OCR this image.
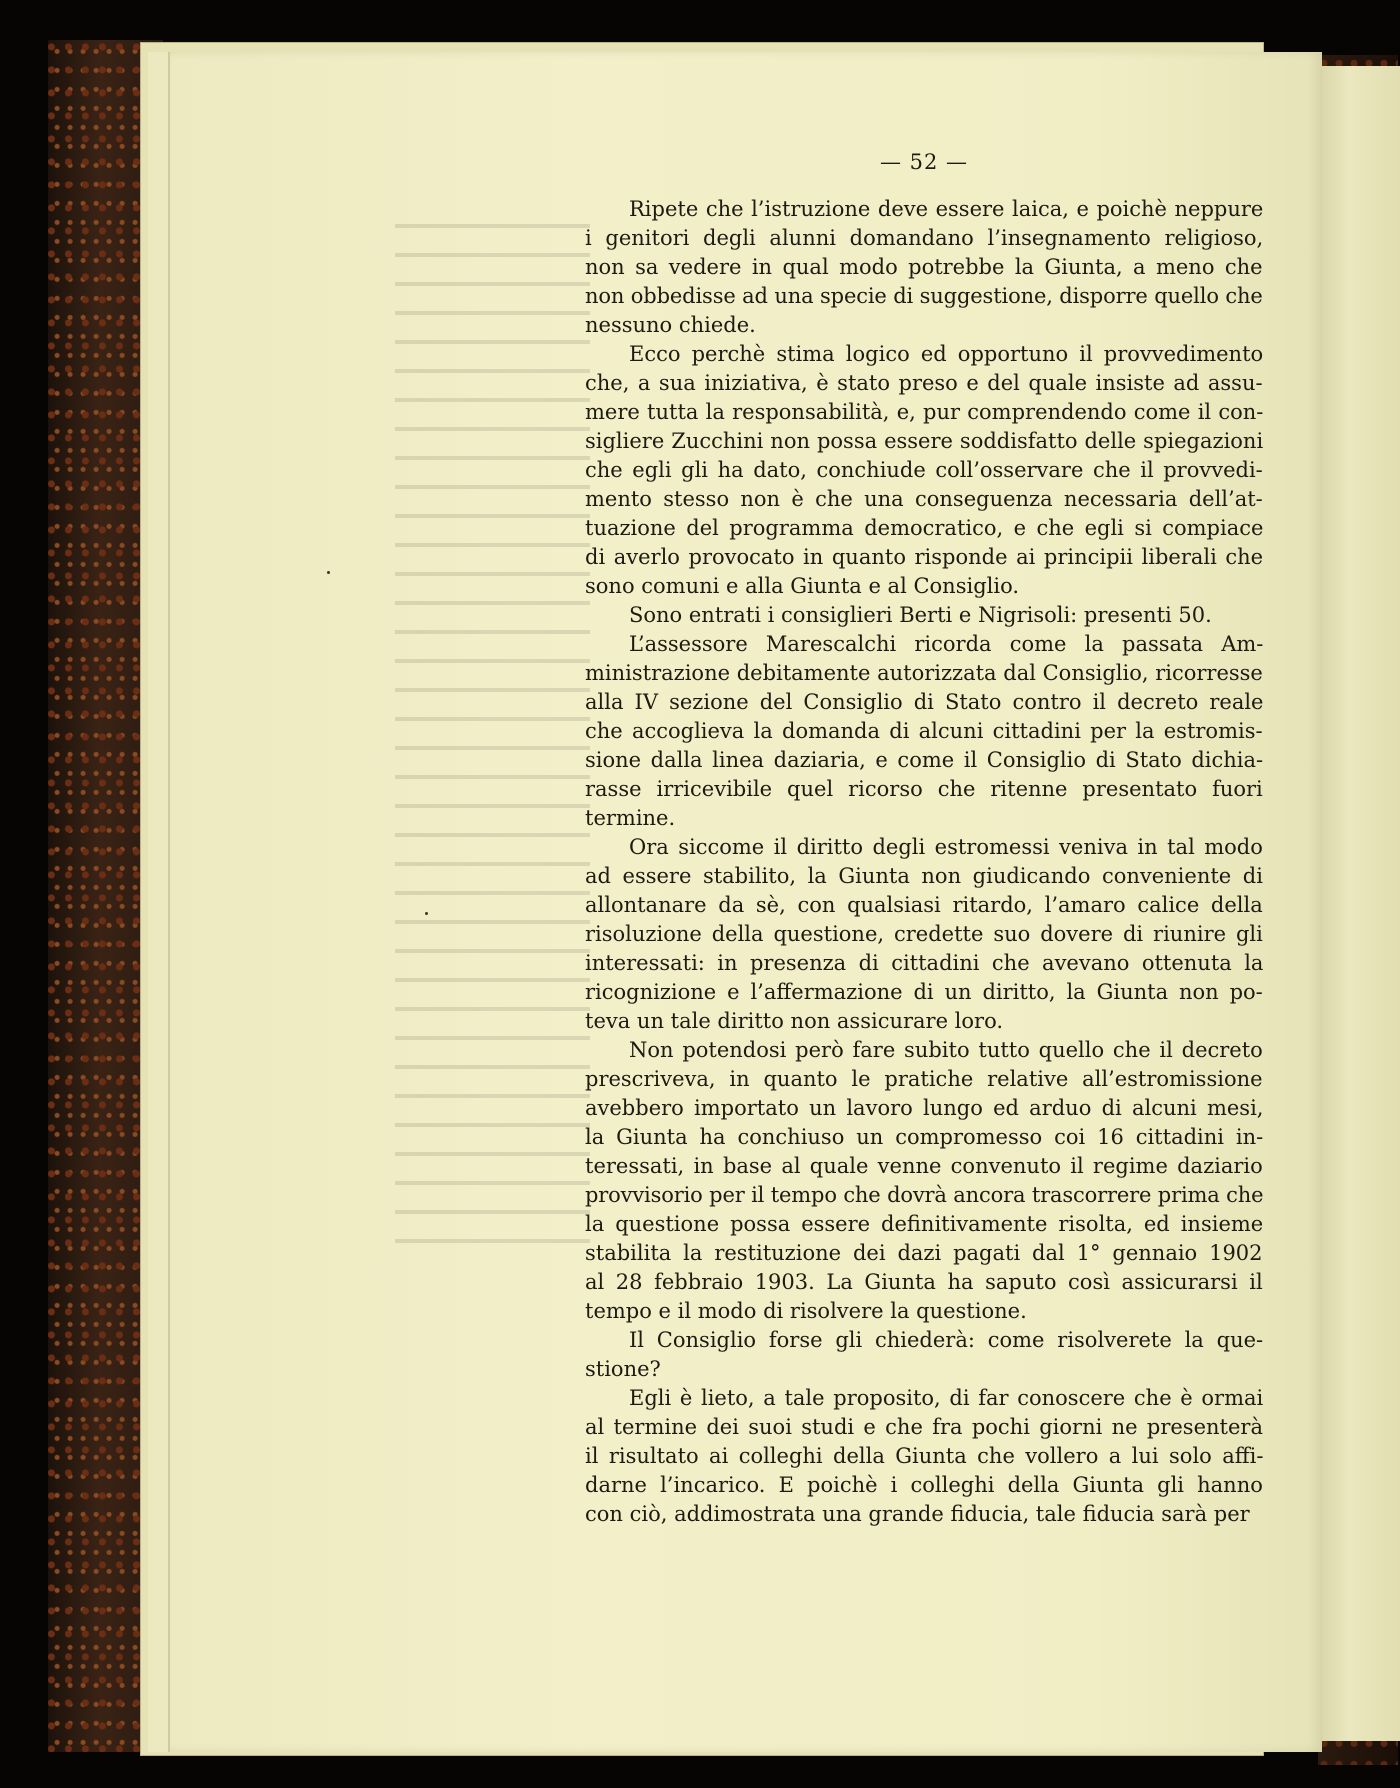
— 52 —
Ripete che l’istruzione deve essere laica, e poichè neppure
i genitori degli alunni domandano l’insegnamento religioso,
non sa vedere in qual modo potrebbe la Giunta, a meno che
non obbedisse ad una specie di suggestione, disporre quello che
nessuno chiede.
Ecco perchè stima logico ed opportuno il provvedimento
che, a sua iniziativa, è stato preso e del quale insiste ad assu-
mere tutta la responsabilità, e, pur comprendendo come il con-
sigliere Zucchini non possa essere soddisfatto delle spiegazioni
che egli gli ha dato, conchiude coll’osservare che il provvedi-
mento stesso non è che una conseguenza necessaria dell’at-
tuazione del programma democratico, e che egli si compiace
di averlo provocato in quanto risponde ai principii liberali che
sono comuni e alla Giunta e al Consiglio.
Sono entrati i consiglieri Berti e Nigrisoli: presenti 50.
L’assessore Marescalchi ricorda come la passata Am-
ministrazione debitamente autorizzata dal Consiglio, ricorresse
alla IV sezione del Consiglio di Stato contro il decreto reale
che accoglieva la domanda di alcuni cittadini per la estromis-
sione dalla linea daziaria, e come il Consiglio di Stato dichia-
rasse irricevibile quel ricorso che ritenne presentato fuori
termine.
Ora siccome il diritto degli estromessi veniva in tal modo
ad essere stabilito, la Giunta non giudicando conveniente di
allontanare da sè, con qualsiasi ritardo, l’amaro calice della
risoluzione della questione, credette suo dovere di riunire gli
interessati: in presenza di cittadini che avevano ottenuta la
ricognizione e l’affermazione di un diritto, la Giunta non po-
teva un tale diritto non assicurare loro.
Non potendosi però fare subito tutto quello che il decreto
prescriveva, in quanto le pratiche relative all’estromissione
avebbero importato un lavoro lungo ed arduo di alcuni mesi,
la Giunta ha conchiuso un compromesso coi 16 cittadini in-
teressati, in base al quale venne convenuto il regime daziario
provvisorio per il tempo che dovrà ancora trascorrere prima che
la questione possa essere definitivamente risolta, ed insieme
stabilita la restituzione dei dazi pagati dal 1° gennaio 1902
al 28 febbraio 1903. La Giunta ha saputo così assicurarsi il
tempo e il modo di risolvere la questione.
Il Consiglio forse gli chiederà: come risolverete la que-
stione?
Egli è lieto, a tale proposito, di far conoscere che è ormai
al termine dei suoi studi e che fra pochi giorni ne presenterà
il risultato ai colleghi della Giunta che vollero a lui solo affi-
darne l’incarico. E poichè i colleghi della Giunta gli hanno
con ciò, addimostrata una grande fiducia, tale fiducia sarà per
